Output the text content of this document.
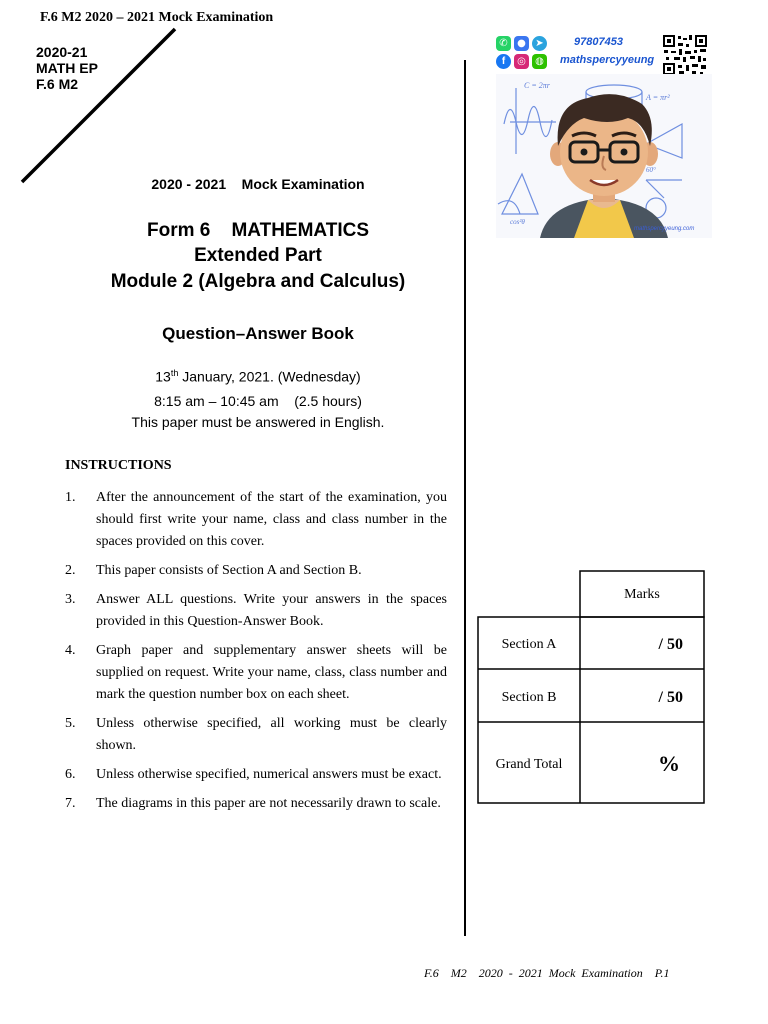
F.6 M2 2020 – 2021 Mock Examination
2020-21
MATH EP
F.6 M2
2020 - 2021    Mock Examination
Form 6    MATHEMATICS
Extended Part
Module 2 (Algebra and Calculus)
Question–Answer Book
13th January, 2021. (Wednesday)
8:15 am – 10:45 am    (2.5 hours)
This paper must be answered in English.
INSTRUCTIONS
1.	After the announcement of the start of the examination, you should first write your name, class and class number in the spaces provided on this cover.
2.	This paper consists of Section A and Section B.
3.	Answer ALL questions. Write your answers in the spaces provided in this Question-Answer Book.
4.	Graph paper and supplementary answer sheets will be supplied on request. Write your name, class, class number and mark the question number box on each sheet.
5.	Unless otherwise specified, all working must be clearly shown.
6.	Unless otherwise specified, numerical answers must be exact.
7.	The diagrams in this paper are not necessarily drawn to scale.
✆ ● ➤
f	◎ ◍
97807453
mathspercyyeung
C = 2πr
A = πr²
60°
cos²θ
mathspercyyeung.com
Marks
Section A	/ 50
Section B	/ 50
Grand Total	%
F.6    M2    2020  -  2021  Mock  Examination    P.1
